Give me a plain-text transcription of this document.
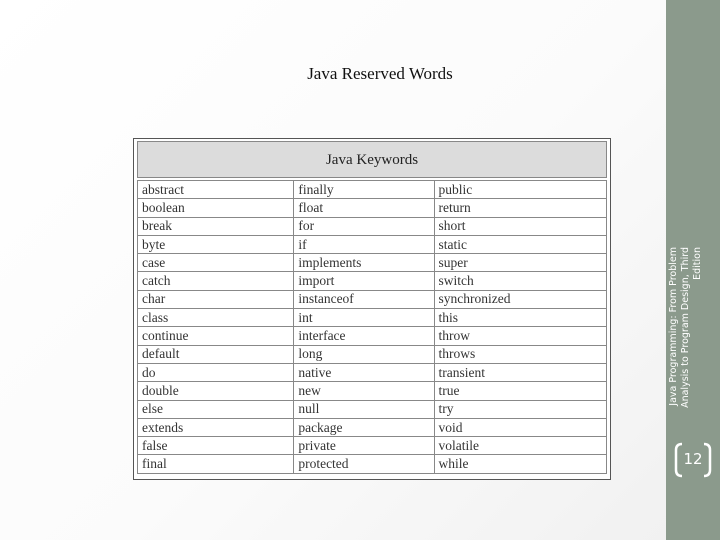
Java Programming: From Problem Analysis to Program Design, Third Edition
12
Java Reserved Words
Java Keywords
abstract	finally	public
boolean	float	return
break	for	short
byte	if	static
case	implements	super
catch	import	switch
char	instanceof	synchronized
class	int	this
continue	interface	throw
default	long	throws
do	native	transient
double	new	true
else	null	try
extends	package	void
false	private	volatile
final	protected	while
